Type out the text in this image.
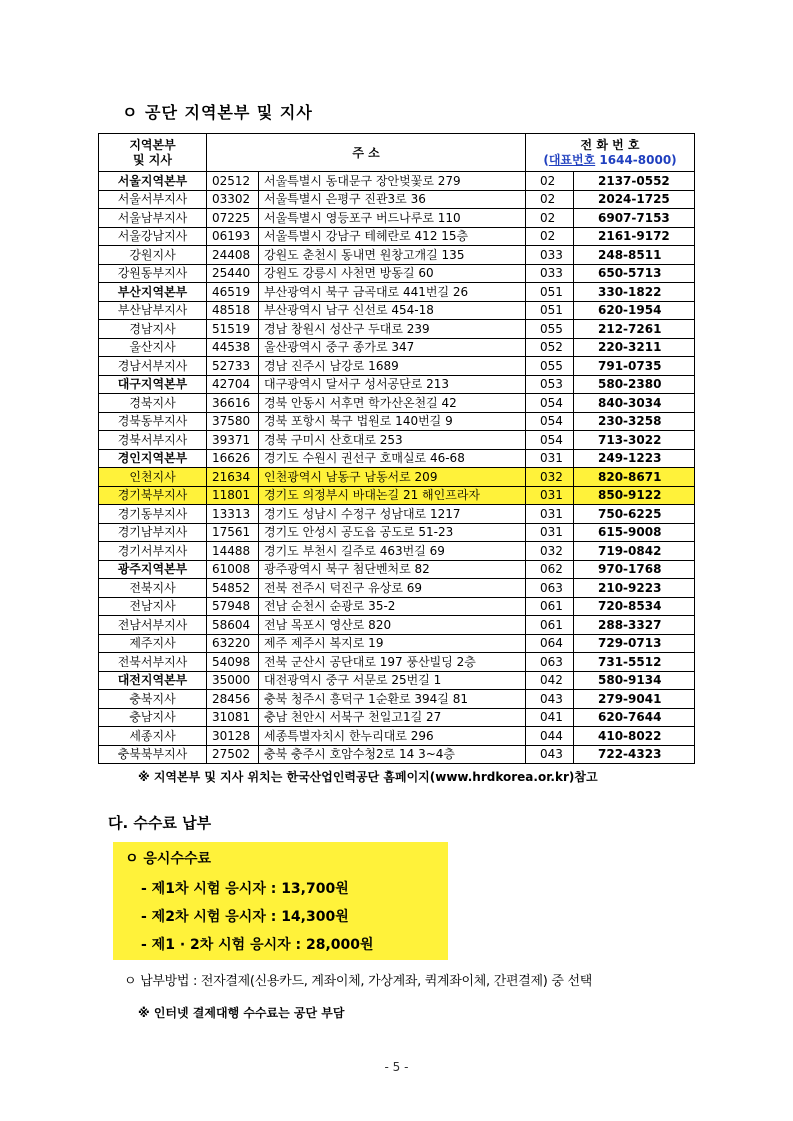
ㅇ 공단 지역본부 및 지사
지역본부
및 지사	주 소		전 화 번 호
(대표번호 1644-8000)	

서울지역본부	02512	서울특별시 동대문구 장안벚꽃로 279	02	2137-0552
서울서부지사	03302	서울특별시 은평구 진관3로 36	02	2024-1725
서울남부지사	07225	서울특별시 영등포구 버드나루로 110	02	6907-7153
서울강남지사	06193	서울특별시 강남구 테헤란로 412 15층	02	2161-9172
강원지사	24408	강원도 춘천시 동내면 원창고개길 135	033	248-8511
강원동부지사	25440	강원도 강릉시 사천면 방동길 60	033	650-5713
부산지역본부	46519	부산광역시 북구 금곡대로 441번길 26	051	330-1822
부산남부지사	48518	부산광역시 남구 신선로 454-18	051	620-1954
경남지사	51519	경남 창원시 성산구 두대로 239	055	212-7261
울산지사	44538	울산광역시 중구 종가로 347	052	220-3211
경남서부지사	52733	경남 진주시 남강로 1689	055	791-0735
대구지역본부	42704	대구광역시 달서구 성서공단로 213	053	580-2380
경북지사	36616	경북 안동시 서후면 학가산온천길 42	054	840-3034
경북동부지사	37580	경북 포항시 북구 법원로 140번길 9	054	230-3258
경북서부지사	39371	경북 구미시 산호대로 253	054	713-3022
경인지역본부	16626	경기도 수원시 권선구 호매실로 46-68	031	249-1223
인천지사	21634	인천광역시 남동구 남동서로 209	032	820-8671
경기북부지사	11801	경기도 의정부시 바대논길 21 해인프라자	031	850-9122
경기동부지사	13313	경기도 성남시 수정구 성남대로 1217	031	750-6225
경기남부지사	17561	경기도 안성시 공도읍 공도로 51-23	031	615-9008
경기서부지사	14488	경기도 부천시 길주로 463번길 69	032	719-0842
광주지역본부	61008	광주광역시 북구 첨단벤처로 82	062	970-1768
전북지사	54852	전북 전주시 덕진구 유상로 69	063	210-9223
전남지사	57948	전남 순천시 순광로 35-2	061	720-8534
전남서부지사	58604	전남 목포시 영산로 820	061	288-3327
제주지사	63220	제주 제주시 복지로 19	064	729-0713
전북서부지사	54098	전북 군산시 공단대로 197 풍산빌딩 2층	063	731-5512
대전지역본부	35000	대전광역시 중구 서문로 25번길 1	042	580-9134
충북지사	28456	충북 청주시 흥덕구 1순환로 394길 81	043	279-9041
충남지사	31081	충남 천안시 서북구 천일고1길 27	041	620-7644
세종지사	30128	세종특별자치시 한누리대로 296	044	410-8022
충북북부지사	27502	충북 충주시 호암수청2로 14 3~4층	043	722-4323
※ 지역본부 및 지사 위치는 한국산업인력공단 홈페이지(www.hrdkorea.or.kr)참고
다. 수수료 납부
ㅇ 응시수수료
- 제1차 시험 응시자 : 13,700원
- 제2차 시험 응시자 : 14,300원
- 제1 · 2차 시험 응시자 : 28,000원
ㅇ 납부방법 : 전자결제(신용카드, 계좌이체, 가상계좌, 퀵계좌이체, 간편결제) 중 선택
※ 인터넷 결제대행 수수료는 공단 부담
- 5 -
